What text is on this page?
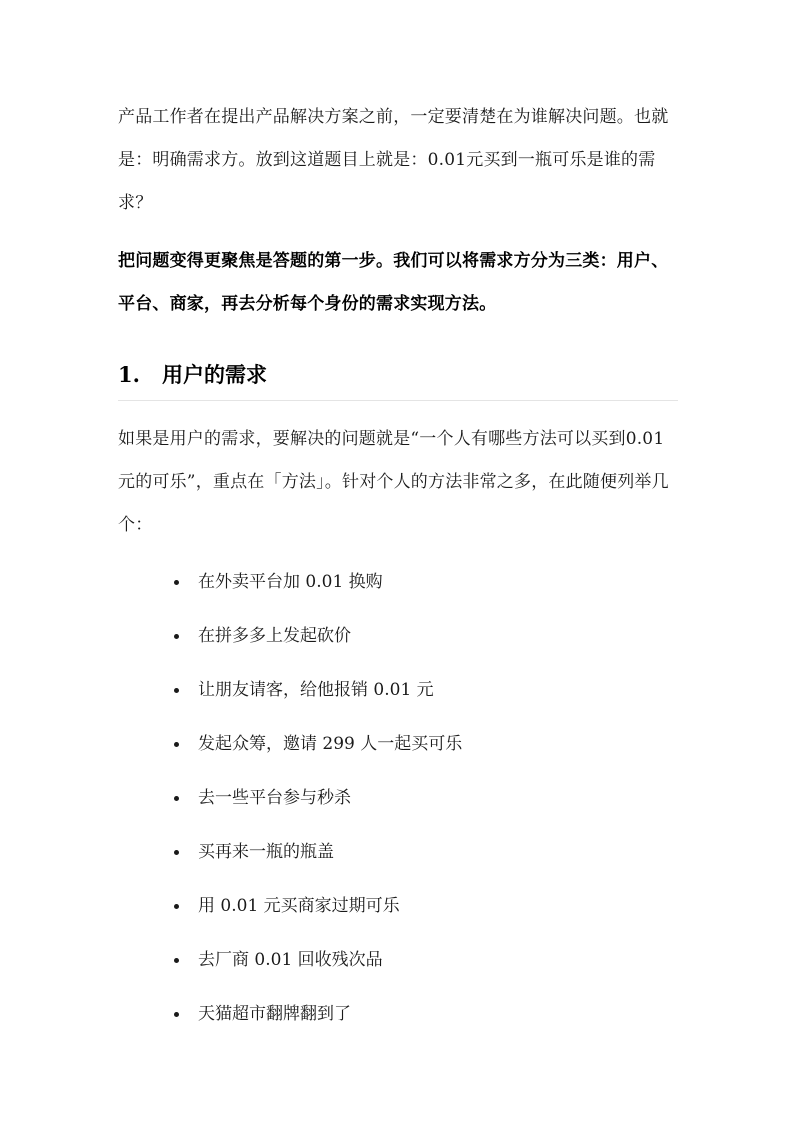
产品工作者在提出产品解决方案之前，一定要清楚在为谁解决问题。也就是：明确需求方。放到这道题目上就是：0.01元买到一瓶可乐是谁的需求？

把问题变得更聚焦是答题的第一步。我们可以将需求方分为三类：用户、平台、商家，再去分析每个身份的需求实现方法。

1. 用户的需求

如果是用户的需求，要解决的问题就是“一个人有哪些方法可以买到0.01元的可乐”，重点在「方法」。针对个人的方法非常之多，在此随便列举几个：

在外卖平台加 0.01 换购
在拼多多上发起砍价
让朋友请客，给他报销 0.01 元
发起众筹，邀请 299 人一起买可乐
去一些平台参与秒杀
买再来一瓶的瓶盖
用 0.01 元买商家过期可乐
去厂商 0.01 回收残次品
天猫超市翻牌翻到了
